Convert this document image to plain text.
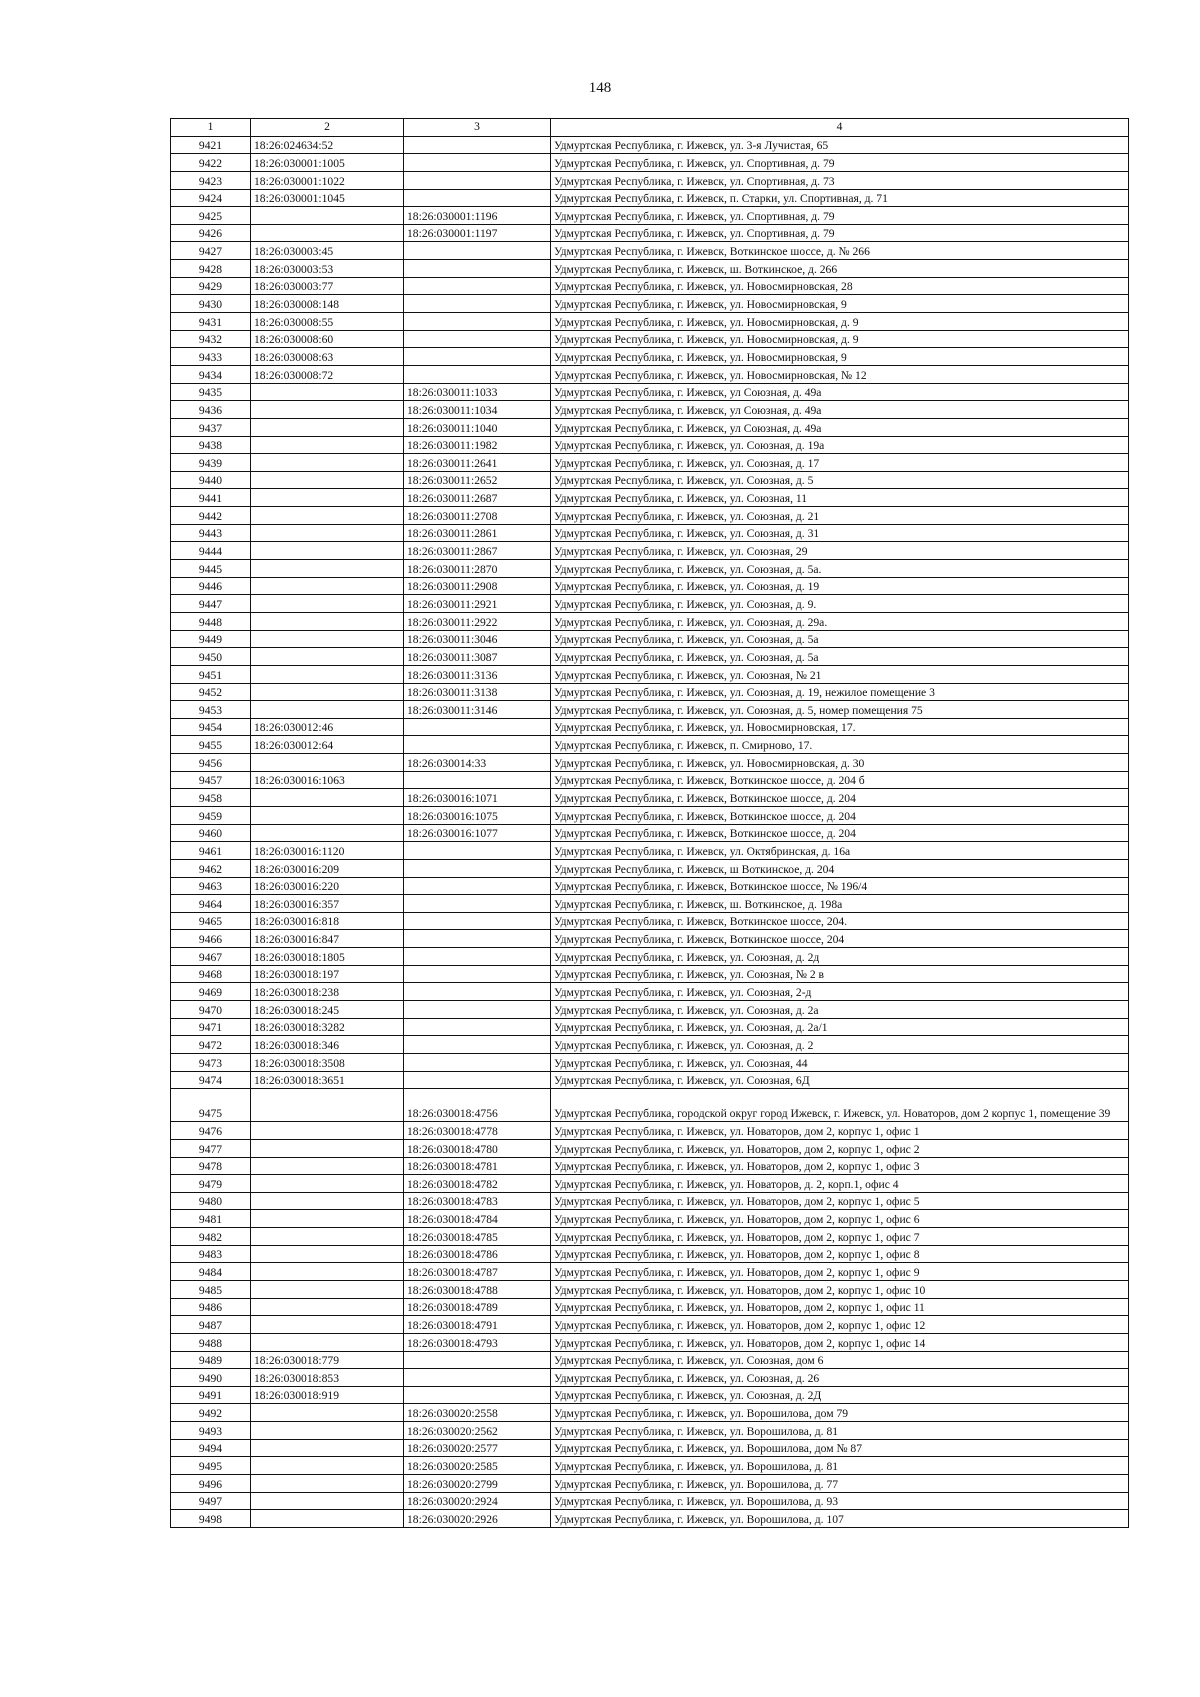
148
1	2	3	4
9421	18:26:024634:52		Удмуртская Республика, г. Ижевск, ул. 3-я Лучистая, 65
9422	18:26:030001:1005		Удмуртская Республика, г. Ижевск, ул. Спортивная, д. 79
9423	18:26:030001:1022		Удмуртская Республика, г. Ижевск, ул. Спортивная, д. 73
9424	18:26:030001:1045		Удмуртская Республика, г. Ижевск, п. Старки, ул. Спортивная, д. 71
9425		18:26:030001:1196	Удмуртская Республика, г. Ижевск, ул. Спортивная, д. 79
9426		18:26:030001:1197	Удмуртская Республика, г. Ижевск, ул. Спортивная, д. 79
9427	18:26:030003:45		Удмуртская Республика, г. Ижевск, Воткинское шоссе, д. № 266
9428	18:26:030003:53		Удмуртская Республика, г. Ижевск, ш. Воткинское, д. 266
9429	18:26:030003:77		Удмуртская Республика, г. Ижевск, ул. Новосмирновская, 28
9430	18:26:030008:148		Удмуртская Республика, г. Ижевск, ул. Новосмирновская, 9
9431	18:26:030008:55		Удмуртская Республика, г. Ижевск, ул. Новосмирновская, д. 9
9432	18:26:030008:60		Удмуртская Республика, г. Ижевск, ул. Новосмирновская, д. 9
9433	18:26:030008:63		Удмуртская Республика, г. Ижевск, ул. Новосмирновская, 9
9434	18:26:030008:72		Удмуртская Республика, г. Ижевск, ул. Новосмирновская, № 12
9435		18:26:030011:1033	Удмуртская Республика, г. Ижевск, ул Союзная, д. 49а
9436		18:26:030011:1034	Удмуртская Республика, г. Ижевск, ул Союзная, д. 49а
9437		18:26:030011:1040	Удмуртская Республика, г. Ижевск, ул Союзная, д. 49а
9438		18:26:030011:1982	Удмуртская Республика, г. Ижевск, ул. Союзная, д. 19а
9439		18:26:030011:2641	Удмуртская Республика, г. Ижевск, ул. Союзная, д. 17
9440		18:26:030011:2652	Удмуртская Республика, г. Ижевск, ул. Союзная, д. 5
9441		18:26:030011:2687	Удмуртская Республика, г. Ижевск, ул. Союзная, 11
9442		18:26:030011:2708	Удмуртская Республика, г. Ижевск, ул. Союзная, д. 21
9443		18:26:030011:2861	Удмуртская Республика, г. Ижевск, ул. Союзная, д. 31
9444		18:26:030011:2867	Удмуртская Республика, г. Ижевск, ул. Союзная, 29
9445		18:26:030011:2870	Удмуртская Республика, г. Ижевск, ул. Союзная, д. 5а.
9446		18:26:030011:2908	Удмуртская Республика, г. Ижевск, ул. Союзная, д. 19
9447		18:26:030011:2921	Удмуртская Республика, г. Ижевск, ул. Союзная, д. 9.
9448		18:26:030011:2922	Удмуртская Республика, г. Ижевск, ул. Союзная, д. 29а.
9449		18:26:030011:3046	Удмуртская Республика, г. Ижевск, ул. Союзная, д. 5а
9450		18:26:030011:3087	Удмуртская Республика, г. Ижевск, ул. Союзная, д. 5а
9451		18:26:030011:3136	Удмуртская Республика, г. Ижевск, ул. Союзная, № 21
9452		18:26:030011:3138	Удмуртская Республика, г. Ижевск, ул. Союзная, д. 19, нежилое помещение 3
9453		18:26:030011:3146	Удмуртская Республика, г. Ижевск, ул. Союзная, д. 5, номер помещения 75
9454	18:26:030012:46		Удмуртская Республика, г. Ижевск, ул. Новосмирновская, 17.
9455	18:26:030012:64		Удмуртская Республика, г. Ижевск, п. Смирново, 17.
9456		18:26:030014:33	Удмуртская Республика, г. Ижевск, ул. Новосмирновская, д. 30
9457	18:26:030016:1063		Удмуртская Республика, г. Ижевск, Воткинское шоссе, д. 204 б
9458		18:26:030016:1071	Удмуртская Республика, г. Ижевск, Воткинское шоссе, д. 204
9459		18:26:030016:1075	Удмуртская Республика, г. Ижевск, Воткинское шоссе, д. 204
9460		18:26:030016:1077	Удмуртская Республика, г. Ижевск, Воткинское шоссе, д. 204
9461	18:26:030016:1120		Удмуртская Республика, г. Ижевск, ул. Октябринская, д. 16а
9462	18:26:030016:209		Удмуртская Республика, г. Ижевск, ш Воткинское, д. 204
9463	18:26:030016:220		Удмуртская Республика, г. Ижевск, Воткинское шоссе, № 196/4
9464	18:26:030016:357		Удмуртская Республика, г. Ижевск, ш. Воткинское, д. 198а
9465	18:26:030016:818		Удмуртская Республика, г. Ижевск, Воткинское шоссе, 204.
9466	18:26:030016:847		Удмуртская Республика, г. Ижевск, Воткинское шоссе, 204
9467	18:26:030018:1805		Удмуртская Республика, г. Ижевск, ул. Союзная, д. 2д
9468	18:26:030018:197		Удмуртская Республика, г. Ижевск, ул. Союзная, № 2 в
9469	18:26:030018:238		Удмуртская Республика, г. Ижевск, ул. Союзная, 2-д
9470	18:26:030018:245		Удмуртская Республика, г. Ижевск, ул. Союзная, д. 2а
9471	18:26:030018:3282		Удмуртская Республика, г. Ижевск, ул. Союзная, д. 2а/1
9472	18:26:030018:346		Удмуртская Республика, г. Ижевск, ул. Союзная, д. 2
9473	18:26:030018:3508		Удмуртская Республика, г. Ижевск, ул. Союзная, 44
9474	18:26:030018:3651		Удмуртская Республика, г. Ижевск, ул. Союзная, 6Д
9475		18:26:030018:4756	Удмуртская Республика, городской округ город Ижевск, г. Ижевск, ул. Новаторов, дом 2 корпус 1, помещение 39
9476		18:26:030018:4778	Удмуртская Республика, г. Ижевск, ул. Новаторов, дом 2, корпус 1, офис 1
9477		18:26:030018:4780	Удмуртская Республика, г. Ижевск, ул. Новаторов, дом 2, корпус 1, офис 2
9478		18:26:030018:4781	Удмуртская Республика, г. Ижевск, ул. Новаторов, дом 2, корпус 1, офис 3
9479		18:26:030018:4782	Удмуртская Республика, г. Ижевск, ул. Новаторов, д. 2, корп.1, офис 4
9480		18:26:030018:4783	Удмуртская Республика, г. Ижевск, ул. Новаторов, дом 2, корпус 1, офис 5
9481		18:26:030018:4784	Удмуртская Республика, г. Ижевск, ул. Новаторов, дом 2, корпус 1, офис 6
9482		18:26:030018:4785	Удмуртская Республика, г. Ижевск, ул. Новаторов, дом 2, корпус 1, офис 7
9483		18:26:030018:4786	Удмуртская Республика, г. Ижевск, ул. Новаторов, дом 2, корпус 1, офис 8
9484		18:26:030018:4787	Удмуртская Республика, г. Ижевск, ул. Новаторов, дом 2, корпус 1, офис 9
9485		18:26:030018:4788	Удмуртская Республика, г. Ижевск, ул. Новаторов, дом 2, корпус 1, офис 10
9486		18:26:030018:4789	Удмуртская Республика, г. Ижевск, ул. Новаторов, дом 2, корпус 1, офис 11
9487		18:26:030018:4791	Удмуртская Республика, г. Ижевск, ул. Новаторов, дом 2, корпус 1, офис 12
9488		18:26:030018:4793	Удмуртская Республика, г. Ижевск, ул. Новаторов, дом 2, корпус 1, офис 14
9489	18:26:030018:779		Удмуртская Республика, г. Ижевск, ул. Союзная, дом 6
9490	18:26:030018:853		Удмуртская Республика, г. Ижевск, ул. Союзная, д. 26
9491	18:26:030018:919		Удмуртская Республика, г. Ижевск, ул. Союзная, д. 2Д
9492		18:26:030020:2558	Удмуртская Республика, г. Ижевск, ул. Ворошилова, дом 79
9493		18:26:030020:2562	Удмуртская Республика, г. Ижевск, ул. Ворошилова, д. 81
9494		18:26:030020:2577	Удмуртская Республика, г. Ижевск, ул. Ворошилова, дом № 87
9495		18:26:030020:2585	Удмуртская Республика, г. Ижевск, ул. Ворошилова, д. 81
9496		18:26:030020:2799	Удмуртская Республика, г. Ижевск, ул. Ворошилова, д. 77
9497		18:26:030020:2924	Удмуртская Республика, г. Ижевск, ул. Ворошилова, д. 93
9498		18:26:030020:2926	Удмуртская Республика, г. Ижевск, ул. Ворошилова, д. 107
